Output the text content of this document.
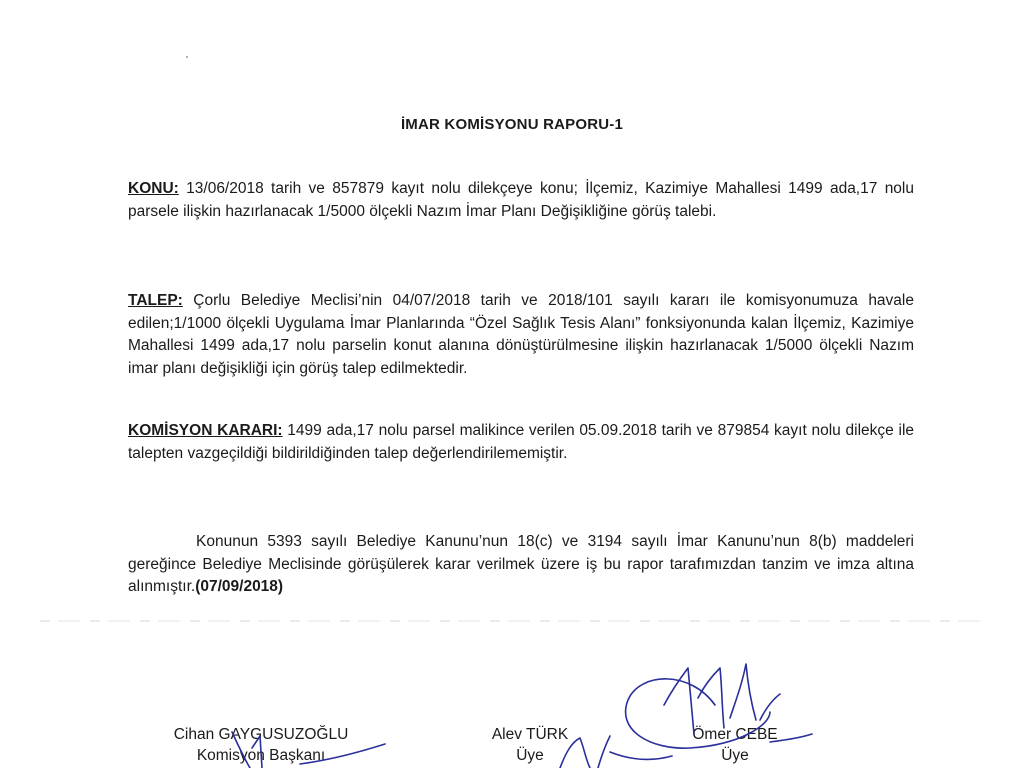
İMAR KOMİSYONU RAPORU-1
KONU: 13/06/2018 tarih ve 857879 kayıt nolu dilekçeye konu; İlçemiz, Kazimiye Mahallesi 1499 ada,17 nolu parsele ilişkin hazırlanacak 1/5000 ölçekli Nazım İmar Planı Değişikliğine görüş talebi.
TALEP: Çorlu Belediye Meclisi’nin 04/07/2018 tarih ve 2018/101 sayılı kararı ile komisyonumuza havale edilen;1/1000 ölçekli Uygulama İmar Planlarında “Özel Sağlık Tesis Alanı” fonksiyonunda kalan İlçemiz, Kazimiye Mahallesi 1499 ada,17 nolu parselin konut alanına dönüştürülmesine ilişkin hazırlanacak 1/5000 ölçekli Nazım imar planı değişikliği için görüş talep edilmektedir.
KOMİSYON KARARI: 1499 ada,17 nolu parsel malikince verilen 05.09.2018 tarih ve 879854 kayıt nolu dilekçe ile talepten vazgeçildiği bildirildiğinden talep değerlendirilememiştir.
Konunun 5393 sayılı Belediye Kanunu’nun 18(c) ve 3194 sayılı İmar Kanunu’nun 8(b) maddeleri gereğince Belediye Meclisinde görüşülerek karar verilmek üzere iş bu rapor tarafımızdan tanzim ve imza altına alınmıştır.(07/09/2018)
Cihan GAYGUSUZOĞLU
Komisyon Başkanı
Alev TÜRK
Üye
Ömer CEBE
Üye
